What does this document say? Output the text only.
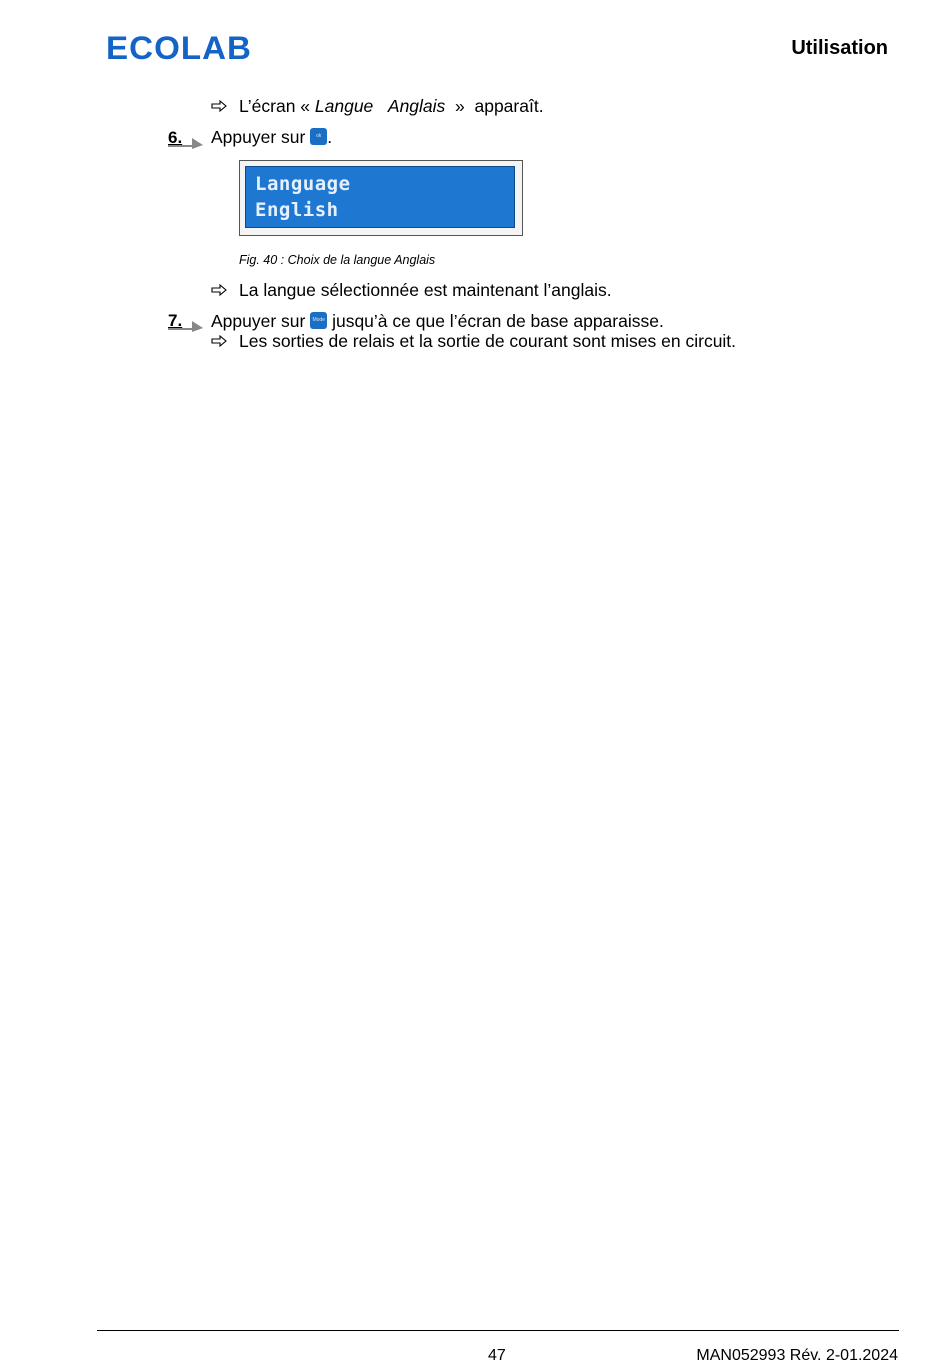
ECOLAB	Utilisation
L’écran « Langue Anglais  »  apparaît.
6. Appuyer sur	ok .
Language
English
Fig. 40 : Choix de la langue Anglais
La langue sélectionnée est maintenant l’anglais.
7. Appuyer sur Mode jusqu’à ce que l’écran de base apparaisse.
Les sorties de relais et la sortie de courant sont mises en circuit.
47	MAN052993 Rév. 2-01.2024
